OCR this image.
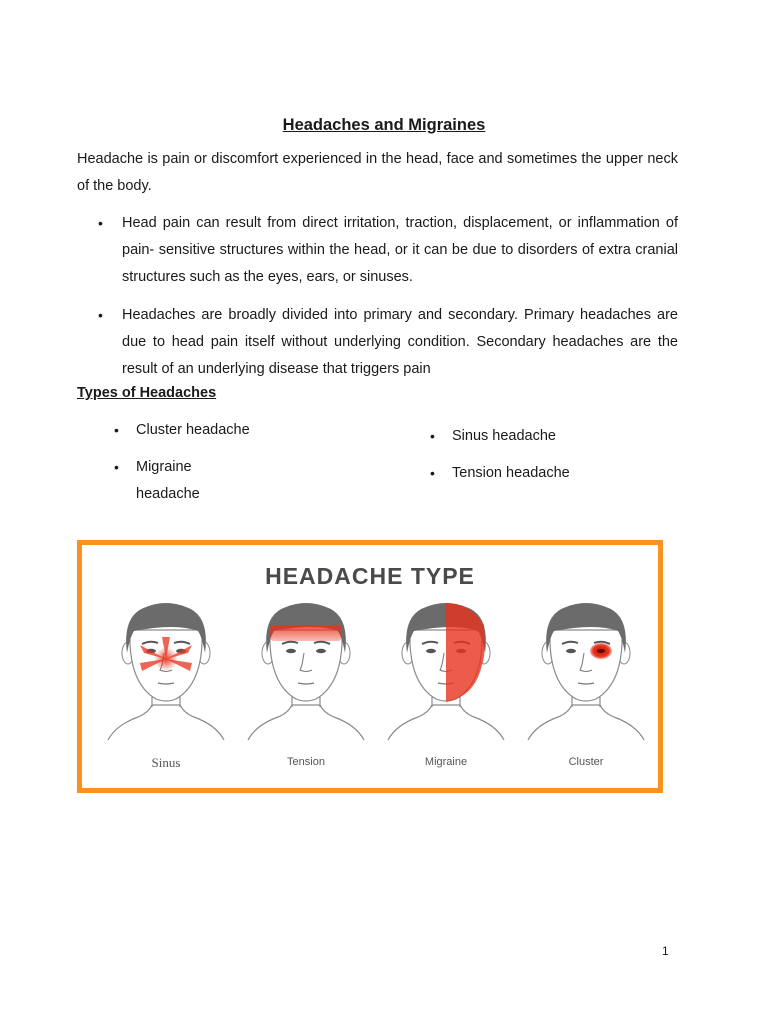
Headaches and Migraines
Headache is pain or discomfort experienced in the head, face and sometimes the upper neck of the body.
• Head pain can result from direct irritation, traction, displacement, or inflammation of pain- sensitive structures within the head, or it can be due to disorders of extra cranial structures such as the eyes, ears, or sinuses.
• Headaches are broadly divided into primary and secondary. Primary headaches are due to head pain itself without underlying condition. Secondary headaches are the result of an underlying disease that triggers pain
Types of Headaches
• Cluster headache
• Migraine headache
• Sinus headache
• Tension headache
HEADACHE TYPE
Sinus	Tension	Migraine	Cluster
1
